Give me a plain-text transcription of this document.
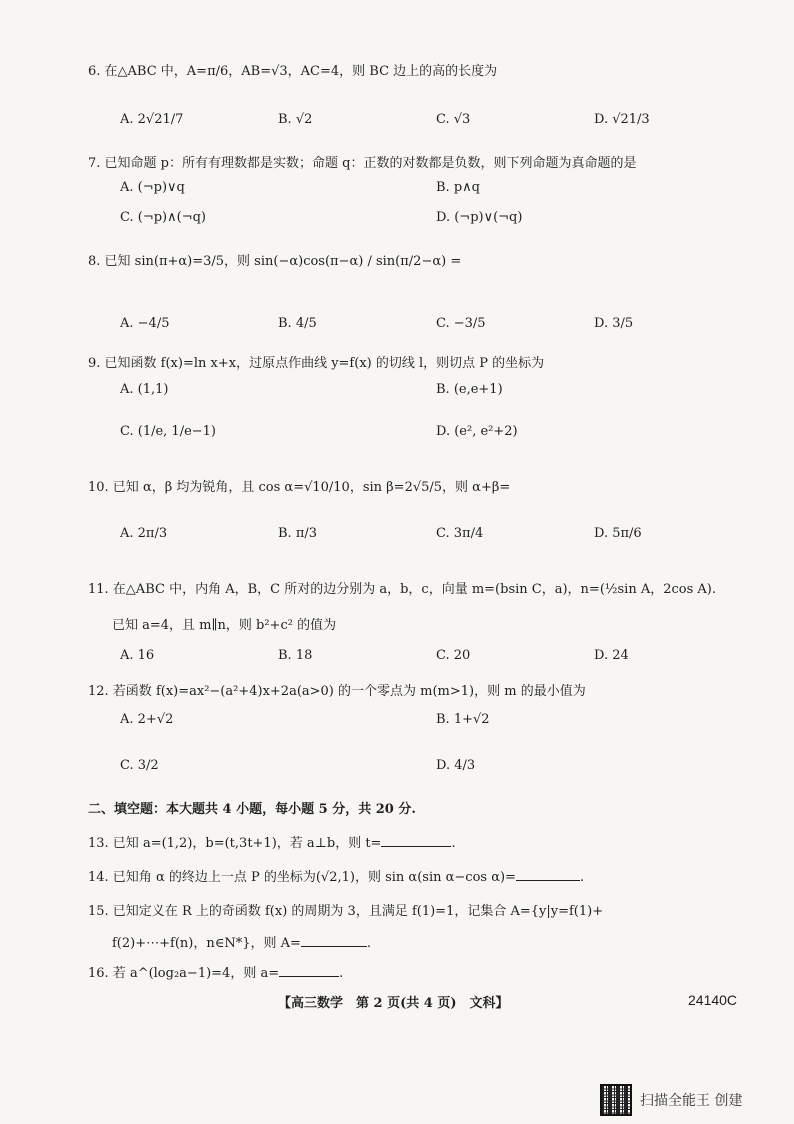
6. 在△ABC 中，A=π/6，AB=√3，AC=4，则 BC 边上的高的长度为
A. 2√21/7	B. √2	C. √3	D. √21/3
7. 已知命题 p：所有有理数都是实数；命题 q：正数的对数都是负数，则下列命题为真命题的是
A. (¬p)∨q	B. p∧q
C. (¬p)∧(¬q)	D. (¬p)∨(¬q)
8. 已知 sin(π+α)=3/5，则 sin(−α)cos(π−α) / sin(π/2−α) =
A. −4/5	B. 4/5	C. −3/5	D. 3/5
9. 已知函数 f(x)=ln x+x，过原点作曲线 y=f(x) 的切线 l，则切点 P 的坐标为
A. (1,1)	B. (e,e+1)
C. (1/e, 1/e−1)	D. (e², e²+2)
10. 已知 α，β 均为锐角，且 cos α=√10/10，sin β=2√5/5，则 α+β=
A. 2π/3	B. π/3	C. 3π/4	D. 5π/6
11. 在△ABC 中，内角 A，B，C 所对的边分别为 a，b，c，向量 m=(bsin C，a)，n=(½sin A，2cos A).
已知 a=4，且 m∥n，则 b²+c² 的值为
A. 16	B. 18	C. 20	D. 24
12. 若函数 f(x)=ax²−(a²+4)x+2a(a>0) 的一个零点为 m(m>1)，则 m 的最小值为
A. 2+√2	B. 1+√2
C. 3/2	D. 4/3
二、填空题：本大题共 4 小题，每小题 5 分，共 20 分.
13. 已知 a=(1,2)，b=(t,3t+1)，若 a⊥b，则 t=	.
14. 已知角 α 的终边上一点 P 的坐标为(√2,1)，则 sin α(sin α−cos α)=	.
15. 已知定义在 R 上的奇函数 f(x) 的周期为 3，且满足 f(1)=1，记集合 A={y|y=f(1)+
f(2)+⋯+f(n)，n∈N*}，则 A=	.
16. 若 a^(log₂a−1)=4，则 a=	.
【高三数学　第 2 页(共 4 页)　文科】	24140C
扫描全能王 创建
